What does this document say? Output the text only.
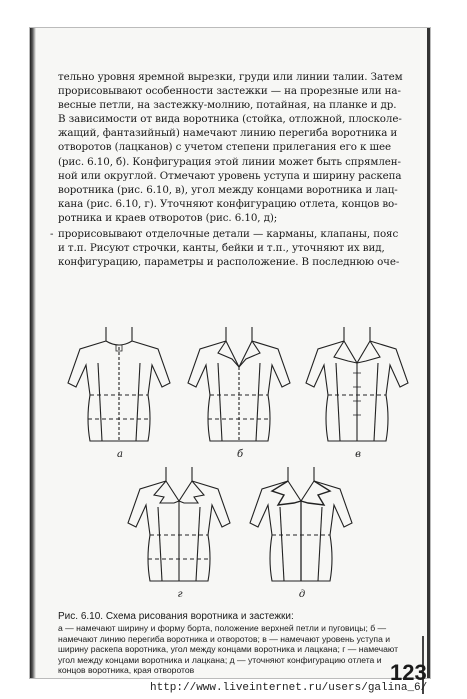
тельно уровня яремной вырезки, груди или линии талии. Затем
прорисовывают особенности застежки — на прорезные или на-
весные петли, на застежку-молнию, потайная, на планке и др.
В зависимости от вида воротника (стойка, отложной, плосколе-
жащий, фантазийный) намечают линию перегиба воротника и
отворотов (лацканов) с учетом степени прилегания его к шее
(рис. 6.10, б). Конфигурация этой линии может быть спрямлен-
ной или округлой. Отмечают уровень уступа и ширину раскепа
воротника (рис. 6.10, в), угол между концами воротника и лац-
кана (рис. 6.10, г). Уточняют конфигурацию отлета, концов во-
ротника и краев отворотов (рис. 6.10, д);
- прорисовывают отделочные детали — карманы, клапаны, пояс
и т.п. Рисуют строчки, канты, бейки и т.п., уточняют их вид,
конфигурацию, параметры и расположение. В последнюю оче-
а	б	в
г	д
Рис. 6.10. Схема рисования воротника и застежки:
а — намечают ширину и форму борта, положение верхней петли и пуговицы; б —
намечают линию перегиба воротника и отворотов; в — намечают уровень уступа и
ширину раскепа воротника, угол между концами воротника и лацкана; г — намечают
угол между концами воротника и лацкана; д — уточняют конфигурацию отлета и
концов воротника, края отворотов	123
http://www.liveinternet.ru/users/galina_6/
